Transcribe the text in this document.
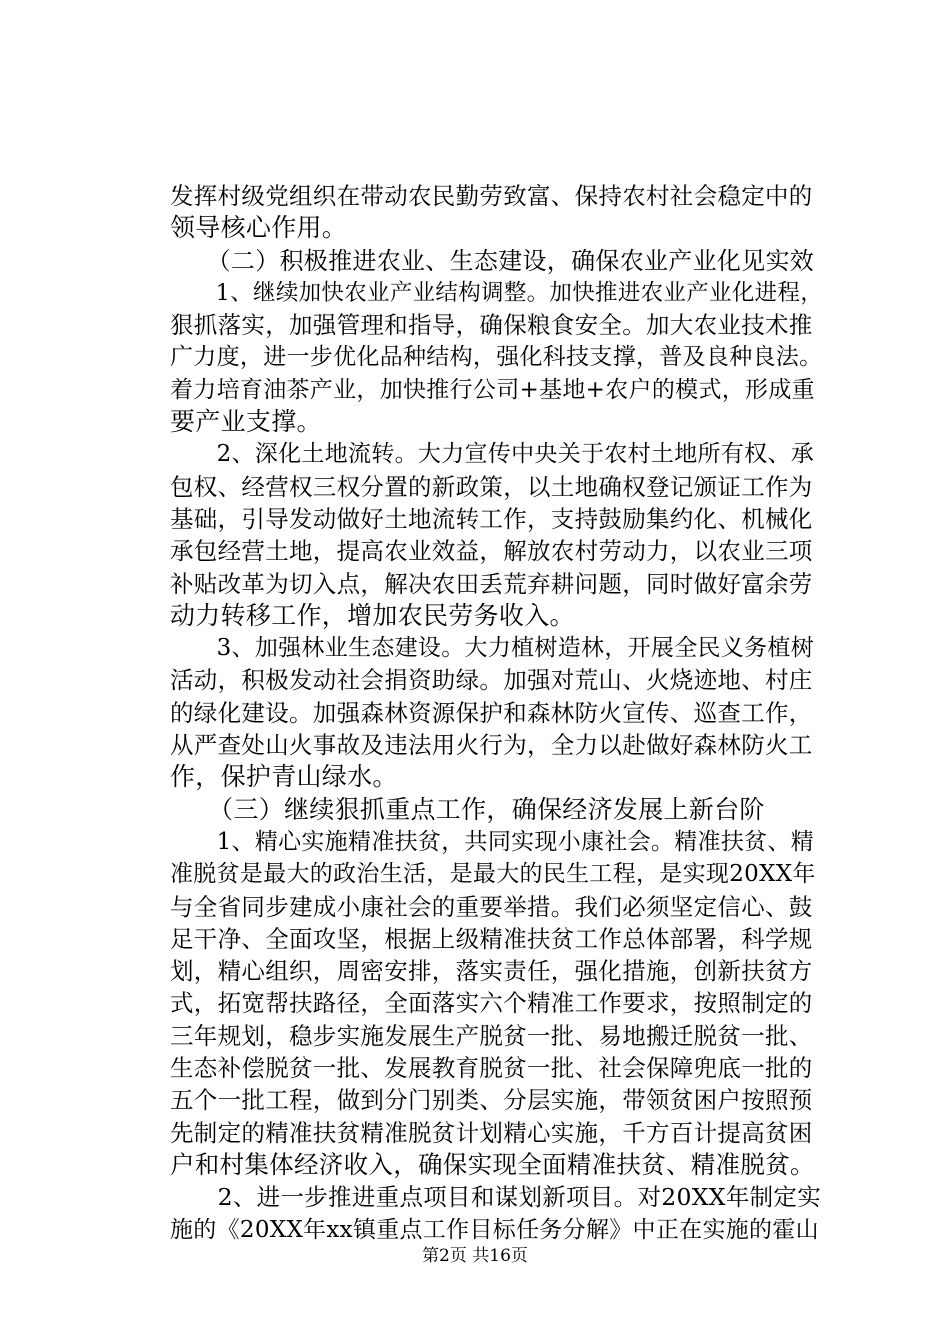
发挥村级党组织在带动农民勤劳致富、保持农村社会稳定中的
领导核心作用。
　　（二）积极推进农业、生态建设，确保农业产业化见实效
　　1、继续加快农业产业结构调整。加快推进农业产业化进程，
狠抓落实，加强管理和指导，确保粮食安全。加大农业技术推
广力度，进一步优化品种结构，强化科技支撑，普及良种良法。
着力培育油茶产业，加快推行公司+基地+农户的模式，形成重
要产业支撑。
　　2、深化土地流转。大力宣传中央关于农村土地所有权、承
包权、经营权三权分置的新政策，以土地确权登记颁证工作为
基础，引导发动做好土地流转工作，支持鼓励集约化、机械化
承包经营土地，提高农业效益，解放农村劳动力，以农业三项
补贴改革为切入点，解决农田丢荒弃耕问题，同时做好富余劳
动力转移工作，增加农民劳务收入。
　　3、加强林业生态建设。大力植树造林，开展全民义务植树
活动，积极发动社会捐资助绿。加强对荒山、火烧迹地、村庄
的绿化建设。加强森林资源保护和森林防火宣传、巡查工作，
从严查处山火事故及违法用火行为，全力以赴做好森林防火工
作，保护青山绿水。
　　（三）继续狠抓重点工作，确保经济发展上新台阶
　　1、精心实施精准扶贫，共同实现小康社会。精准扶贫、精
准脱贫是最大的政治生活，是最大的民生工程，是实现20XX年
与全省同步建成小康社会的重要举措。我们必须坚定信心、鼓
足干净、全面攻坚，根据上级精准扶贫工作总体部署，科学规
划，精心组织，周密安排，落实责任，强化措施，创新扶贫方
式，拓宽帮扶路径，全面落实六个精准工作要求，按照制定的
三年规划，稳步实施发展生产脱贫一批、易地搬迁脱贫一批、
生态补偿脱贫一批、发展教育脱贫一批、社会保障兜底一批的
五个一批工程，做到分门别类、分层实施，带领贫困户按照预
先制定的精准扶贫精准脱贫计划精心实施，千方百计提高贫困
户和村集体经济收入，确保实现全面精准扶贫、精准脱贫。
　　2、进一步推进重点项目和谋划新项目。对20XX年制定实
施的《20XX年xx镇重点工作目标任务分解》中正在实施的霍山
第2页 共16页
